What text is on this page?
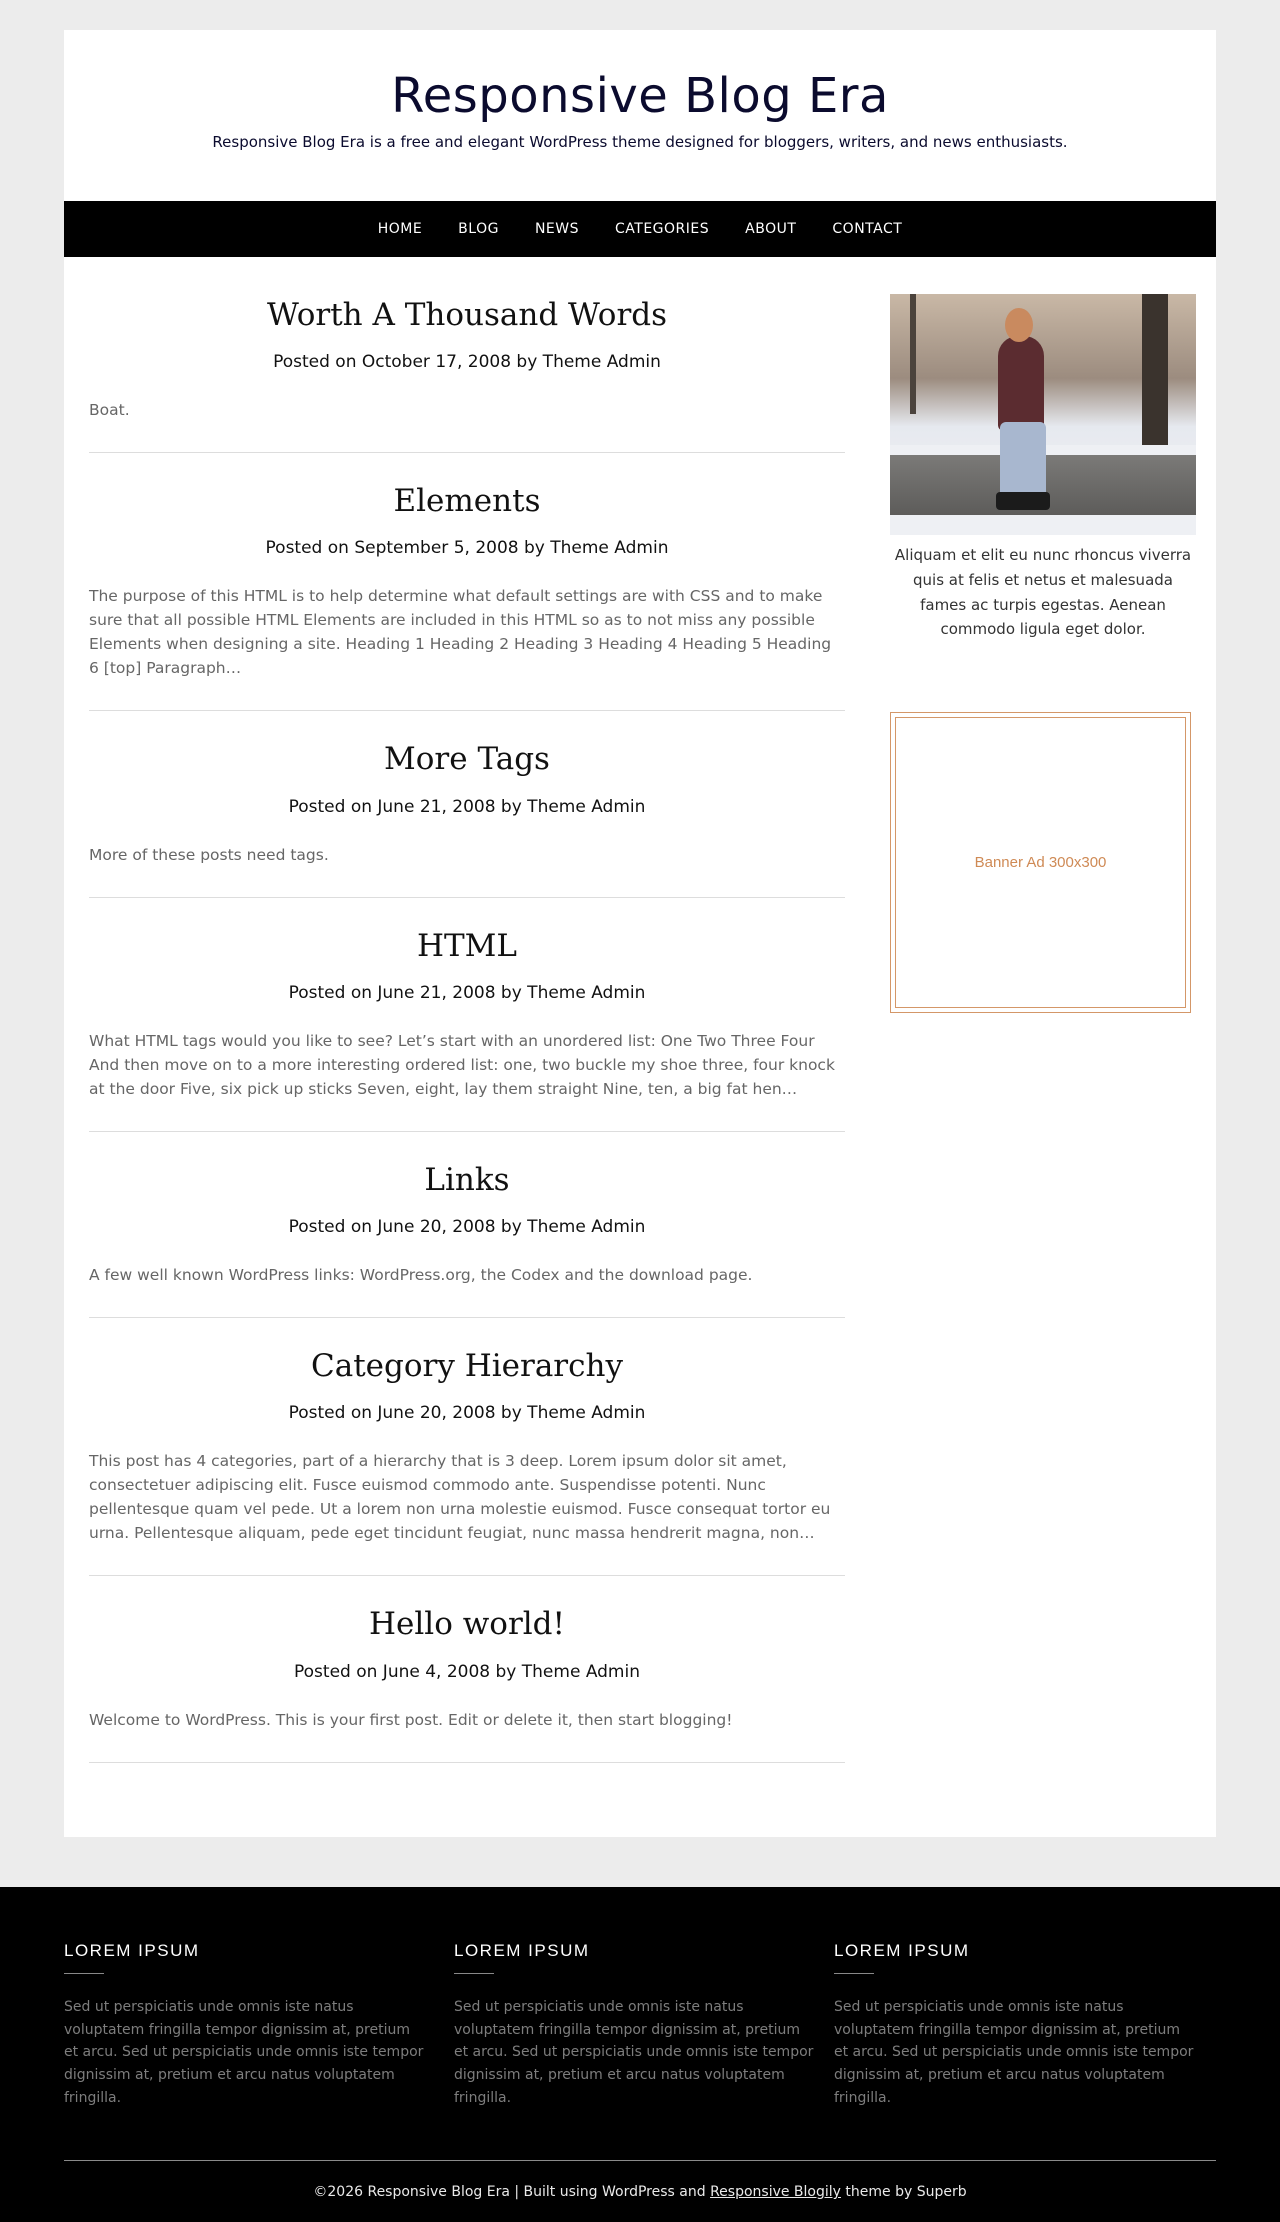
Responsive Blog Era

Responsive Blog Era is a free and elegant WordPress theme designed for bloggers, writers, and news enthusiasts.

HOME	BLOG	NEWS	CATEGORIES	ABOUT	CONTACT
Worth A Thousand Words
Posted on October 17, 2008 by Theme Admin

Boat.

Elements
Posted on September 5, 2008 by Theme Admin

The purpose of this HTML is to help determine what default settings are with CSS and to make sure that all possible HTML Elements are included in this HTML so as to not miss any possible Elements when designing a site. Heading 1 Heading 2 Heading 3 Heading 4 Heading 5 Heading 6 [top] Paragraph…

More Tags
Posted on June 21, 2008 by Theme Admin

More of these posts need tags.

HTML
Posted on June 21, 2008 by Theme Admin

What HTML tags would you like to see? Let’s start with an unordered list: One Two Three Four And then move on to a more interesting ordered list: one, two buckle my shoe three, four knock at the door Five, six pick up sticks Seven, eight, lay them straight Nine, ten, a big fat hen…

Links
Posted on June 20, 2008 by Theme Admin

A few well known WordPress links: WordPress.org, the Codex and the download page.

Category Hierarchy
Posted on June 20, 2008 by Theme Admin

This post has 4 categories, part of a hierarchy that is 3 deep. Lorem ipsum dolor sit amet, consectetuer adipiscing elit. Fusce euismod commodo ante. Suspendisse potenti. Nunc pellentesque quam vel pede. Ut a lorem non urna molestie euismod. Fusce consequat tortor eu urna. Pellentesque aliquam, pede eget tincidunt feugiat, nunc massa hendrerit magna, non…

Hello world!
Posted on June 4, 2008 by Theme Admin

Welcome to WordPress. This is your first post. Edit or delete it, then start blogging!

Aliquam et elit eu nunc rhoncus viverra quis at felis et netus et malesuada fames ac turpis egestas. Aenean commodo ligula eget dolor.

Banner Ad 300x300
LOREM IPSUM

Sed ut perspiciatis unde omnis iste natus voluptatem fringilla tempor dignissim at, pretium et arcu. Sed ut perspiciatis unde omnis iste tempor dignissim at, pretium et arcu natus voluptatem fringilla.

LOREM IPSUM

Sed ut perspiciatis unde omnis iste natus voluptatem fringilla tempor dignissim at, pretium et arcu. Sed ut perspiciatis unde omnis iste tempor dignissim at, pretium et arcu natus voluptatem fringilla.

LOREM IPSUM

Sed ut perspiciatis unde omnis iste natus voluptatem fringilla tempor dignissim at, pretium et arcu. Sed ut perspiciatis unde omnis iste tempor dignissim at, pretium et arcu natus voluptatem fringilla.

©2026 Responsive Blog Era | Built using WordPress and Responsive Blogily theme by Superb
